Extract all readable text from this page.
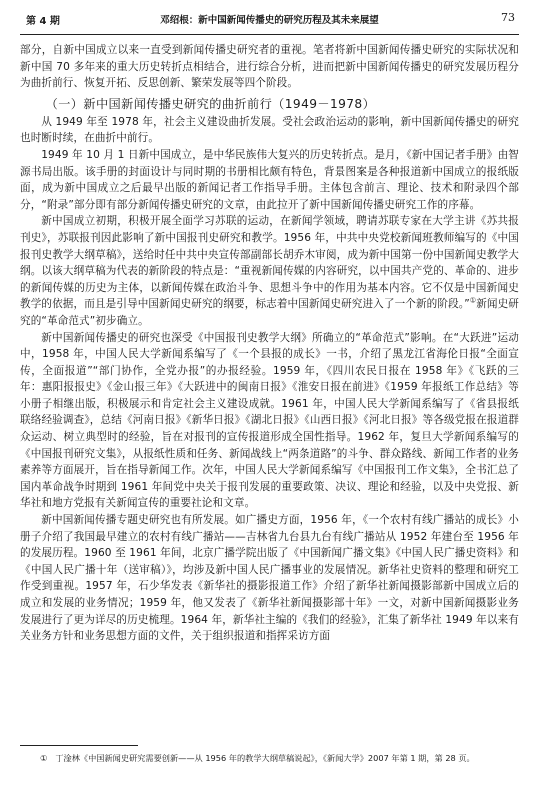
第 4 期	邓绍根：新中国新闻传播史的研究历程及其未来展望	73

部分，自新中国成立以来一直受到新闻传播史研究者的重视。笔者将新中国新闻传播史研究的实际状况和新中国 70 多年来的重大历史转折点相结合，进行综合分析，进而把新中国新闻传播史的研究发展历程分为曲折前行、恢复开拓、反思创新、繁荣发展等四个阶段。

（一）新中国新闻传播史研究的曲折前行（1949－1978）

从 1949 年至 1978 年，社会主义建设曲折发展。受社会政治运动的影响，新中国新闻传播史的研究也时断时续，在曲折中前行。

1949 年 10 月 1 日新中国成立，是中华民族伟大复兴的历史转折点。是月，《新中国记者手册》由智源书局出版。该手册的封面设计与同时期的书册相比颇有特色，背景图案是各种报道新中国成立的报纸版面，成为新中国成立之后最早出版的新闻记者工作指导手册。主体包含前言、理论、技术和附录四个部分，“附录”部分即有部分新闻传播史研究的文章，由此拉开了新中国新闻传播史研究工作的序幕。

新中国成立初期，积极开展全面学习苏联的运动，在新闻学领域，聘请苏联专家在大学主讲《苏共报刊史》，苏联报刊因此影响了新中国报刊史研究和教学。1956 年，中共中央党校新闻班教师编写的《中国报刊史教学大纲草稿》，送给时任中共中央宣传部副部长胡乔木审阅，成为新中国第一份中国新闻史教学大纲。以该大纲草稿为代表的新阶段的特点是：“重视新闻传媒的内容研究，以中国共产党的、革命的、进步的新闻传媒的历史为主体，以新闻传媒在政治斗争、思想斗争中的作用为基本内容。它不仅是中国新闻史教学的依据，而且是引导中国新闻史研究的纲要，标志着中国新闻史研究进入了一个新的阶段。”①新闻史研究的“革命范式”初步确立。

新中国新闻传播史的研究也深受《中国报刊史教学大纲》所确立的“革命范式”影响。在“大跃进”运动中，1958 年，中国人民大学新闻系编写了《一个县报的成长》一书，介绍了黑龙江省海伦日报“全面宣传，全面报道”“部门协作，全党办报”的办报经验。1959 年，《四川农民日报在 1958 年》《飞跃的三年：惠阳报报史》《金山报三年》《大跃进中的闽南日报》《淮安日报在前进》《1959 年报纸工作总结》等小册子相继出版，积极展示和肯定社会主义建设成就。1961 年，中国人民大学新闻系编写了《省县报纸联络经验调查》，总结《河南日报》《新华日报》《湖北日报》《山西日报》《河北日报》等各级党报在报道群众运动、树立典型时的经验，旨在对报刊的宣传报道形成全国性指导。1962 年，复旦大学新闻系编写的《中国报刊研究文集》，从报纸性质和任务、新闻战线上“两条道路”的斗争、群众路线、新闻工作者的业务素养等方面展开，旨在指导新闻工作。次年，中国人民大学新闻系编写《中国报刊工作文集》，全书汇总了国内革命战争时期到 1961 年间党中央关于报刊发展的重要政策、决议、理论和经验，以及中央党报、新华社和地方党报有关新闻宣传的重要社论和文章。

新中国新闻传播专题史研究也有所发展。如广播史方面，1956 年，《一个农村有线广播站的成长》小册子介绍了我国最早建立的农村有线广播站——吉林省九台县九台有线广播站从 1952 年建台至 1956 年的发展历程。1960 至 1961 年间，北京广播学院出版了《中国新闻广播文集》《中国人民广播史资料》和《中国人民广播十年（送审稿）》，均涉及新中国人民广播事业的发展情况。新华社史资料的整理和研究工作受到重视。1957 年，石少华发表《新华社的摄影报道工作》介绍了新华社新闻摄影部新中国成立后的成立和发展的业务情况；1959 年，他又发表了《新华社新闻摄影部十年》一文，对新中国新闻摄影业务发展进行了更为详尽的历史梳理。1964 年，新华社主编的《我们的经验》，汇集了新华社 1949 年以来有关业务方针和业务思想方面的文件，关于组织报道和指挥采访方面

① 丁淦林《中国新闻史研究需要创新——从 1956 年的教学大纲草稿说起》，《新闻大学》2007 年第 1 期，第 28 页。
